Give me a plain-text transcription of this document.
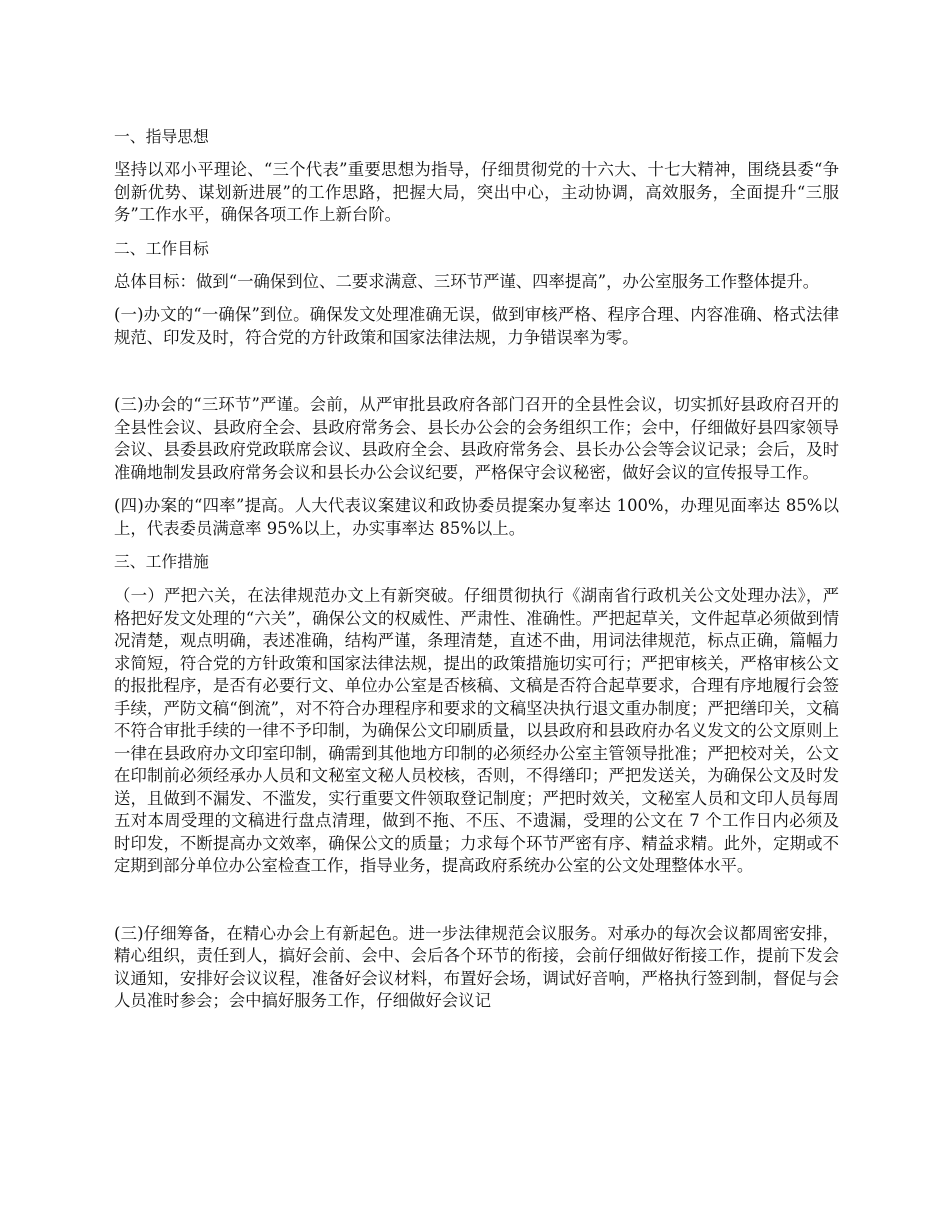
一、指导思想

坚持以邓小平理论、“三个代表”重要思想为指导，仔细贯彻党的十六大、十七大精神，围绕县委“争创新优势、谋划新进展”的工作思路，把握大局，突出中心，主动协调，高效服务，全面提升“三服务”工作水平，确保各项工作上新台阶。

二、工作目标

总体目标：做到“一确保到位、二要求满意、三环节严谨、四率提高”，办公室服务工作整体提升。

(一)办文的“一确保”到位。确保发文处理准确无误，做到审核严格、程序合理、内容准确、格式法律规范、印发及时，符合党的方针政策和国家法律法规，力争错误率为零。

(三)办会的“三环节”严谨。会前，从严审批县政府各部门召开的全县性会议，切实抓好县政府召开的全县性会议、县政府全会、县政府常务会、县长办公会的会务组织工作；会中，仔细做好县四家领导会议、县委县政府党政联席会议、县政府全会、县政府常务会、县长办公会等会议记录；会后，及时准确地制发县政府常务会议和县长办公会议纪要，严格保守会议秘密，做好会议的宣传报导工作。

(四)办案的“四率”提高。人大代表议案建议和政协委员提案办复率达 100%，办理见面率达 85%以上，代表委员满意率 95%以上，办实事率达 85%以上。

三、工作措施

（一）严把六关，在法律规范办文上有新突破。仔细贯彻执行《湖南省行政机关公文处理办法》，严格把好发文处理的“六关”，确保公文的权威性、严肃性、准确性。严把起草关，文件起草必须做到情况清楚，观点明确，表述准确，结构严谨，条理清楚，直述不曲，用词法律规范，标点正确，篇幅力求简短，符合党的方针政策和国家法律法规，提出的政策措施切实可行；严把审核关，严格审核公文的报批程序，是否有必要行文、单位办公室是否核稿、文稿是否符合起草要求，合理有序地履行会签手续，严防文稿“倒流”，对不符合办理程序和要求的文稿坚决执行退文重办制度；严把缮印关，文稿不符合审批手续的一律不予印制，为确保公文印刷质量，以县政府和县政府办名义发文的公文原则上一律在县政府办文印室印制，确需到其他地方印制的必须经办公室主管领导批准；严把校对关，公文在印制前必须经承办人员和文秘室文秘人员校核，否则，不得缮印；严把发送关，为确保公文及时发送，且做到不漏发、不滥发，实行重要文件领取登记制度；严把时效关，文秘室人员和文印人员每周五对本周受理的文稿进行盘点清理，做到不拖、不压、不遗漏，受理的公文在 7 个工作日内必须及时印发，不断提高办文效率，确保公文的质量；力求每个环节严密有序、精益求精。此外，定期或不定期到部分单位办公室检查工作，指导业务，提高政府系统办公室的公文处理整体水平。

(三)仔细筹备，在精心办会上有新起色。进一步法律规范会议服务。对承办的每次会议都周密安排，精心组织，责任到人，搞好会前、会中、会后各个环节的衔接，会前仔细做好衔接工作，提前下发会议通知，安排好会议议程，准备好会议材料，布置好会场，调试好音响，严格执行签到制，督促与会人员准时参会；会中搞好服务工作，仔细做好会议记
